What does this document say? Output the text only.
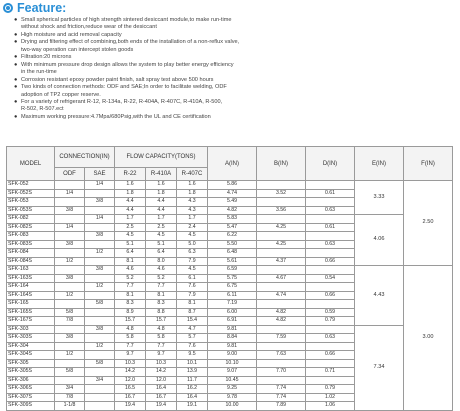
Feature:
● Small spherical particles of high strength sintered desiccant module,to make run-time
without shock and friction,reduce wear of the desiccant
● High moisture and acid removal capacity
● Drying and filtering effect of combining,both ends of the installation of a non-reflux valve,
two-way operation can intercept stolen goods
● Filtration:20 microns
● With minimum pressure drop design allows the system to play better energy efficiency
in the run-time
● Corrosion resistant epoxy powder paint finish, salt spray test above 500 hours
● Two kinds of connection methods: ODF and SAE;In order to facilitate welding, ODF
adoption of TP2 copper reserve.
● For a variety of refrigerant R-12, R-134a, R-22, R-404A, R-407C, R-410A, R-500,
R-502, R-507.ect
● Maximum working pressure:4.7Mpa/680Psig,with the UL and CE certification
MODEL	CONNECTION(IN)		FLOW CAPACITY(TONS)			A(IN)	B(IN)	D(IN)	E(IN)	F(IN)
	ODF	SAE	R-22	R-410A	R-407C					
SFK-052		1/4	1.6	1.6	1.6	5.86			3.33	2.50
SFK-052S	1/4		1.8	1.8	1.8	4.74	3.52	0.61		
SFK-053		3/8	4.4	4.4	4.3	5.49				
SFK-053S	3/8		4.4	4.4	4.3	4.82	3.56	0.63		
SFK-082		1/4	1.7	1.7	1.7	5.83			4.06	
SFK-082S	1/4		2.5	2.5	2.4	5.47	4.25	0.61		
SFK-083		3/8	4.5	4.5	4.5	6.22				
SFK-083S	3/8		5.1	5.1	5.0	5.50	4.25	0.63		
SFK-084		1/2	6.4	6.4	6.3	6.48				
SFK-084S	1/2		8.1	8.0	7.9	5.61	4.37	0.66		
SFK-163		3/8	4.6	4.6	4.5	6.59			4.43	3.00
SFK-163S	3/8		5.2	5.2	6.1	5.75	4.67	0.54		
SFK-164		1/2	7.7	7.7	7.6	6.75				
SFK-164S	1/2		8.1	8.1	7.9	6.11	4.74	0.66		
SFK-165		5/8	8.3	8.3	8.1	7.19				
SFK-165S	5/8		8.9	8.8	8.7	6.00	4.82	0.59		
SFK-167S	7/8		15.7	15.7	15.4	6.91	4.82	0.79		
SFK-303		3/8	4.8	4.8	4.7	9.81			7.34	
SFK-303S	3/8		5.8	5.8	5.7	8.84	7.59	0.63		
SFK-304		1/2	7.7	7.7	7.6	9.81				
SFK-304S	1/2		9.7	9.7	9.5	9.00	7.63	0.66		
SFK-305		5/8	10.3	10.3	10.1	10.10				
SFK-305S	5/8		14.2	14.2	13.9	9.07	7.70	0.71		
SFK-306		3/4	12.0	12.0	11.7	10.45				
SFK-306S	3/4		16.5	16.4	16.2	9.25	7.74	0.79		
SFK-307S	7/8		16.7	16.7	16.4	9.78	7.74	1.02		
SFK-309S	1-1/8		19.4	19.4	19.1	10.00	7.89	1.06		
